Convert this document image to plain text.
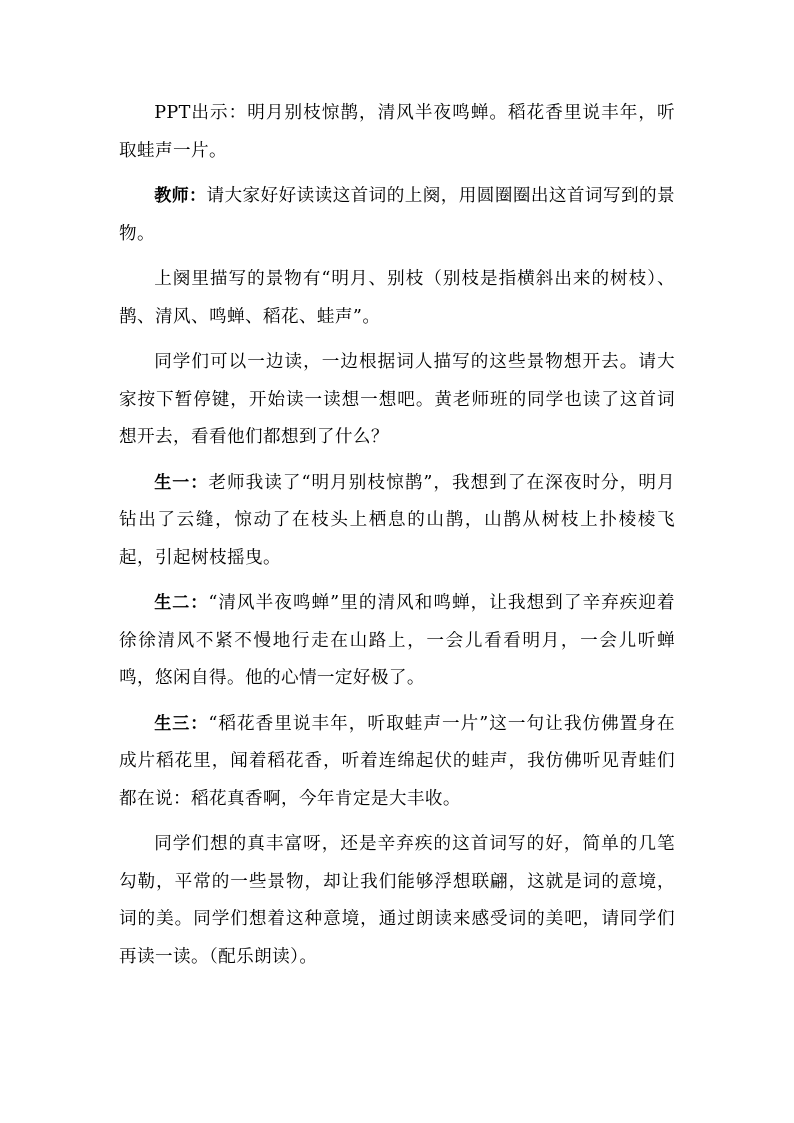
PPT出示：明月别枝惊鹊，清风半夜鸣蝉。稻花香里说丰年，听取蛙声一片。

教师：请大家好好读读这首词的上阕，用圆圈圈出这首词写到的景物。

上阕里描写的景物有“明月、别枝（别枝是指横斜出来的树枝）、鹊、清风、鸣蝉、稻花、蛙声”。

同学们可以一边读，一边根据词人描写的这些景物想开去。请大家按下暂停键，开始读一读想一想吧。黄老师班的同学也读了这首词想开去，看看他们都想到了什么？

生一：老师我读了“明月别枝惊鹊”，我想到了在深夜时分，明月钻出了云缝，惊动了在枝头上栖息的山鹊，山鹊从树枝上扑棱棱飞起，引起树枝摇曳。

生二：“清风半夜鸣蝉”里的清风和鸣蝉，让我想到了辛弃疾迎着徐徐清风不紧不慢地行走在山路上，一会儿看看明月，一会儿听蝉鸣，悠闲自得。他的心情一定好极了。

生三：“稻花香里说丰年，听取蛙声一片”这一句让我仿佛置身在成片稻花里，闻着稻花香，听着连绵起伏的蛙声，我仿佛听见青蛙们都在说：稻花真香啊，今年肯定是大丰收。

同学们想的真丰富呀，还是辛弃疾的这首词写的好，简单的几笔勾勒，平常的一些景物，却让我们能够浮想联翩，这就是词的意境，词的美。同学们想着这种意境，通过朗读来感受词的美吧，请同学们再读一读。（配乐朗读）。
